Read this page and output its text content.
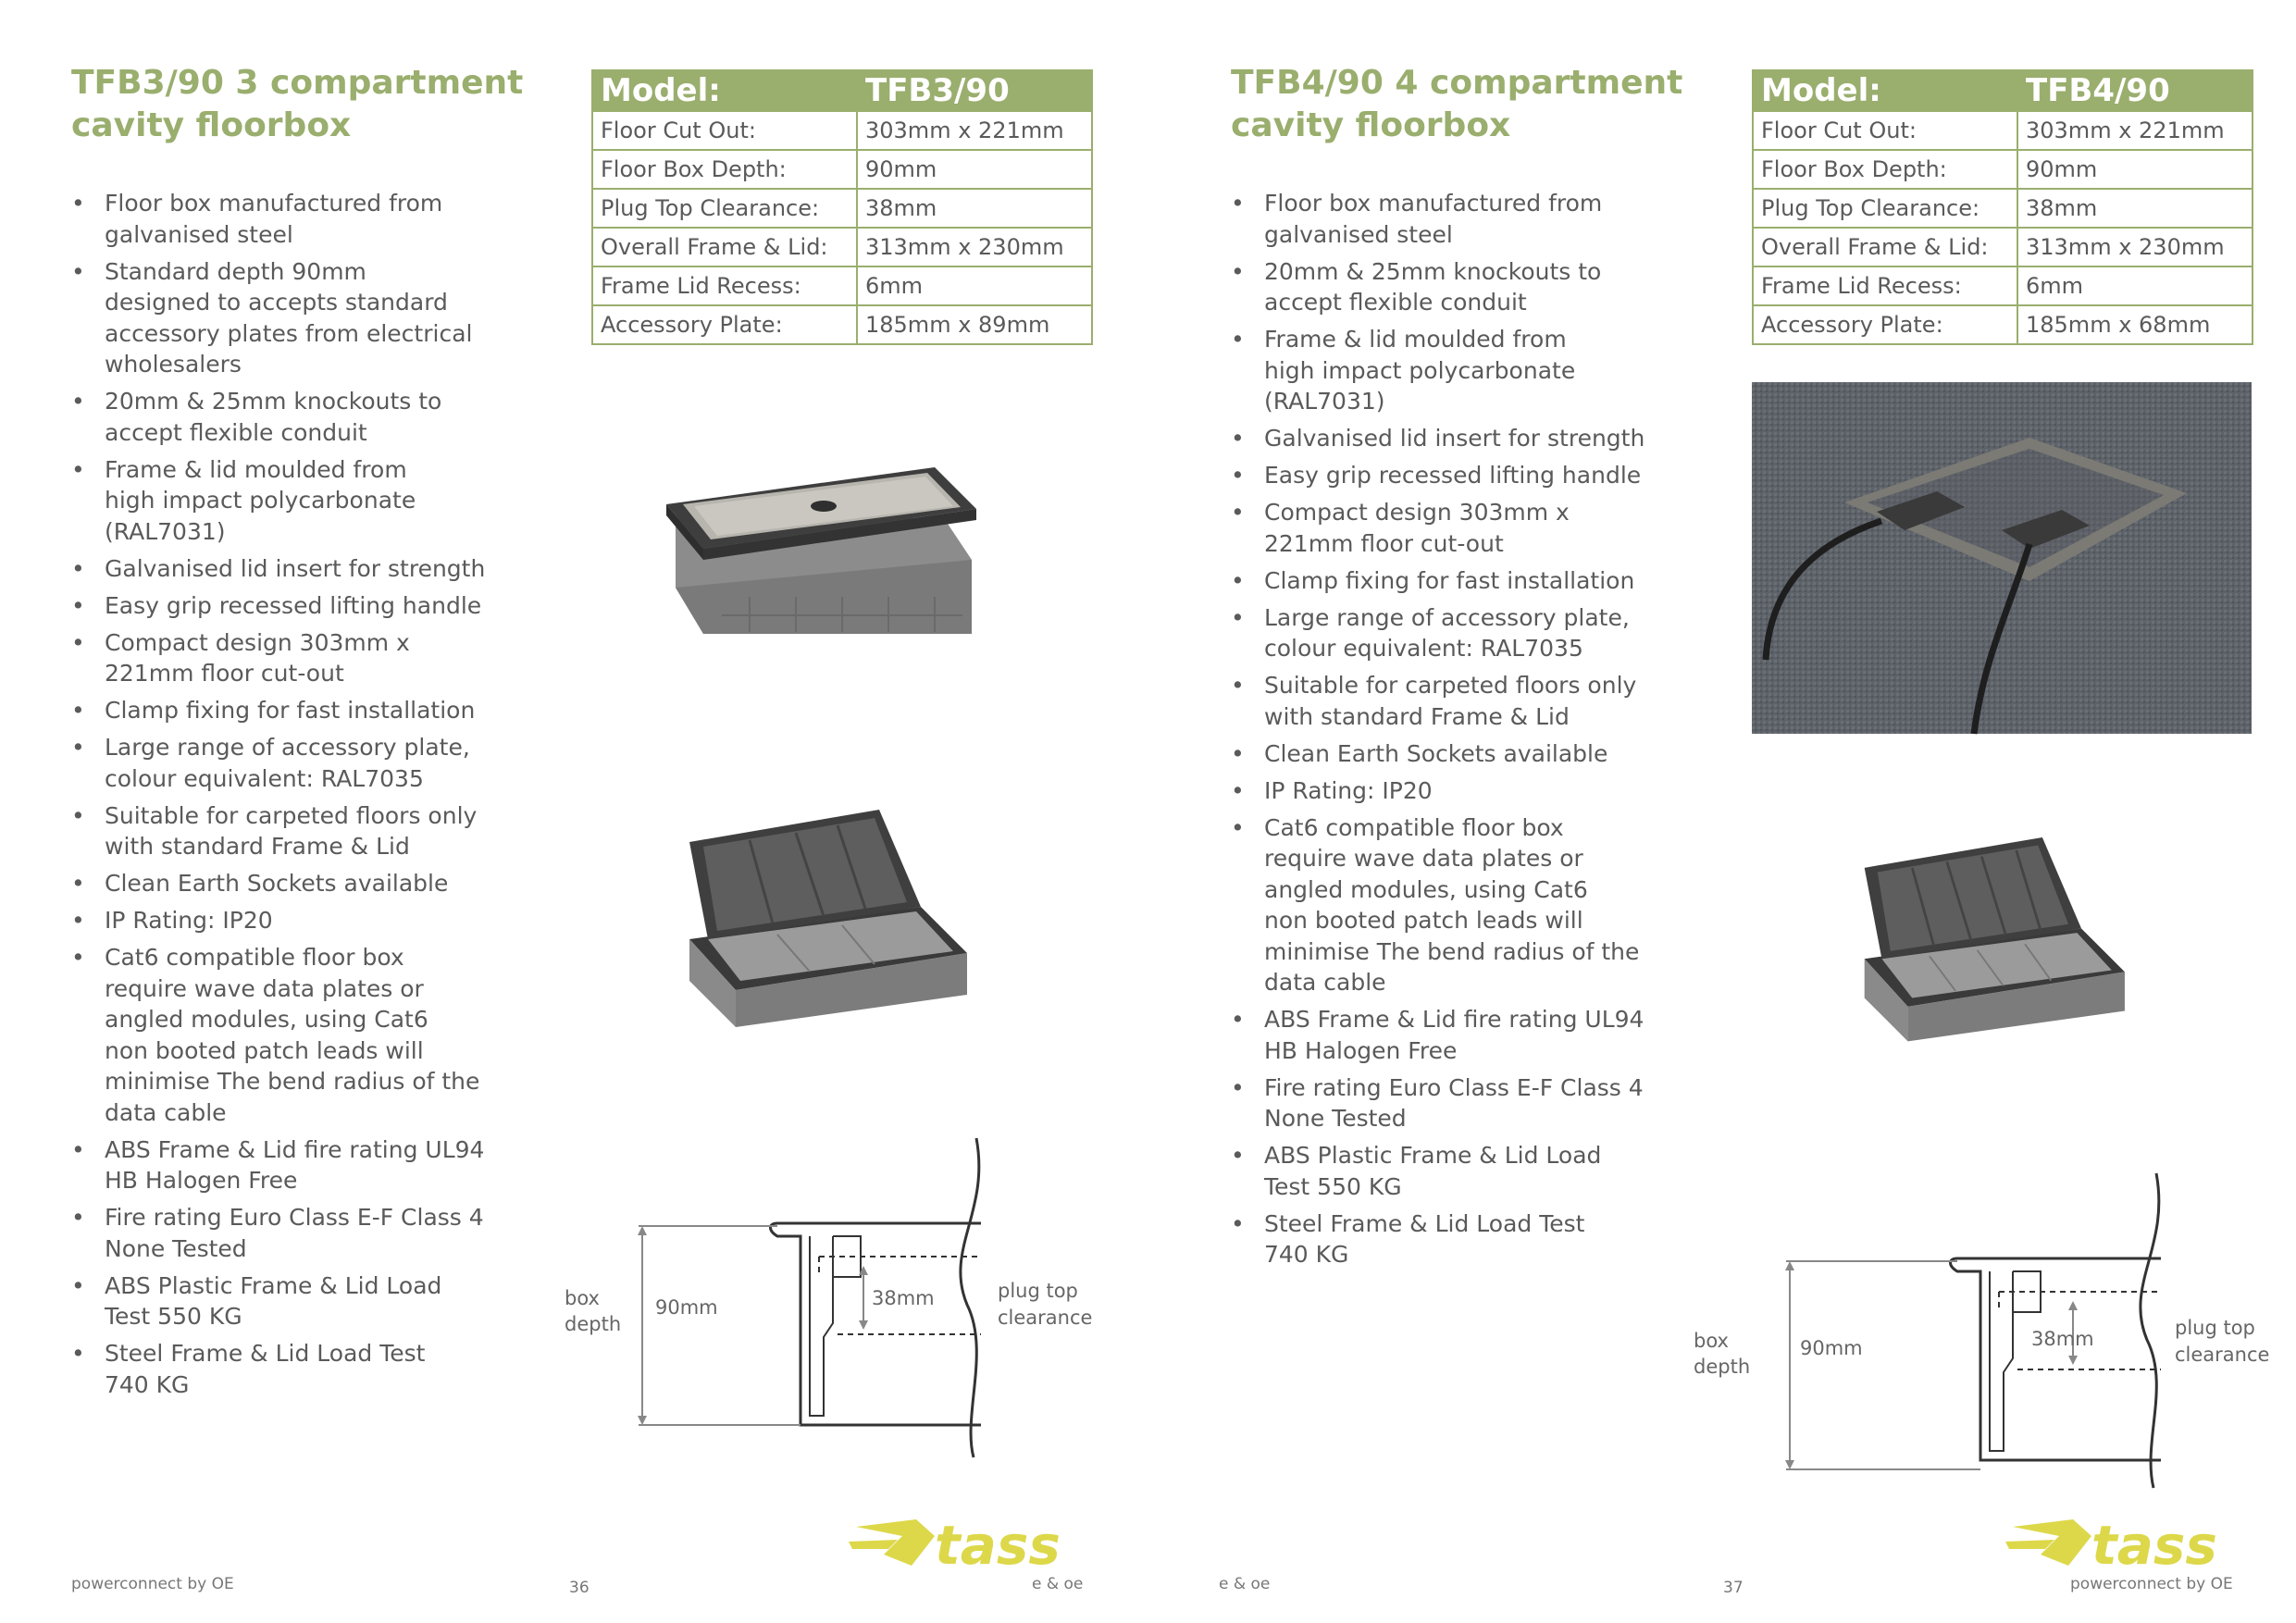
TFB3/90 3 compartment
cavity floorbox
• Floor box manufactured from
galvanised steel
• Standard depth 90mm
designed to accepts standard
accessory plates from electrical
wholesalers
• 20mm & 25mm knockouts to
accept flexible conduit
• Frame & lid moulded from
high impact polycarbonate
(RAL7031)
• Galvanised lid insert for strength
• Easy grip recessed lifting handle
• Compact design 303mm x
221mm floor cut-out
• Clamp fixing for fast installation
• Large range of accessory plate,
colour equivalent: RAL7035
• Suitable for carpeted floors only
with standard Frame & Lid
• Clean Earth Sockets available
• IP Rating: IP20
• Cat6 compatible floor box
require wave data plates or
angled modules, using Cat6
non booted patch leads will
minimise The bend radius of the
data cable
• ABS Frame & Lid fire rating UL94
HB Halogen Free
• Fire rating Euro Class E-F Class 4
None Tested
• ABS Plastic Frame & Lid Load
Test 550 KG
• Steel Frame & Lid Load Test
740 KG
Model:	TFB3/90
Floor Cut Out:	303mm x 221mm
Floor Box Depth:	90mm
Plug Top Clearance:	38mm
Overall Frame & Lid:	313mm x 230mm
Frame Lid Recess:	6mm
Accessory Plate:	185mm x 89mm
box
depth
90mm	38mm	plug top
clearance
tass
powerconnect by OE	36	e & oe
TFB4/90 4 compartment
cavity floorbox
• Floor box manufactured from
galvanised steel
• 20mm & 25mm knockouts to
accept flexible conduit
• Frame & lid moulded from
high impact polycarbonate
(RAL7031)
• Galvanised lid insert for strength
• Easy grip recessed lifting handle
• Compact design 303mm x
221mm floor cut-out
• Clamp fixing for fast installation
• Large range of accessory plate,
colour equivalent: RAL7035
• Suitable for carpeted floors only
with standard Frame & Lid
• Clean Earth Sockets available
• IP Rating: IP20
• Cat6 compatible floor box
require wave data plates or
angled modules, using Cat6
non booted patch leads will
minimise The bend radius of the
data cable
• ABS Frame & Lid fire rating UL94
HB Halogen Free
• Fire rating Euro Class E-F Class 4
None Tested
• ABS Plastic Frame & Lid Load
Test 550 KG
• Steel Frame & Lid Load Test
740 KG
Model:	TFB4/90
Floor Cut Out:	303mm x 221mm
Floor Box Depth:	90mm
Plug Top Clearance:	38mm
Overall Frame & Lid:	313mm x 230mm
Frame Lid Recess:	6mm
Accessory Plate:	185mm x 68mm
box
depth
90mm	38mm	plug top
clearance
tass
e & oe	37	powerconnect by OE
